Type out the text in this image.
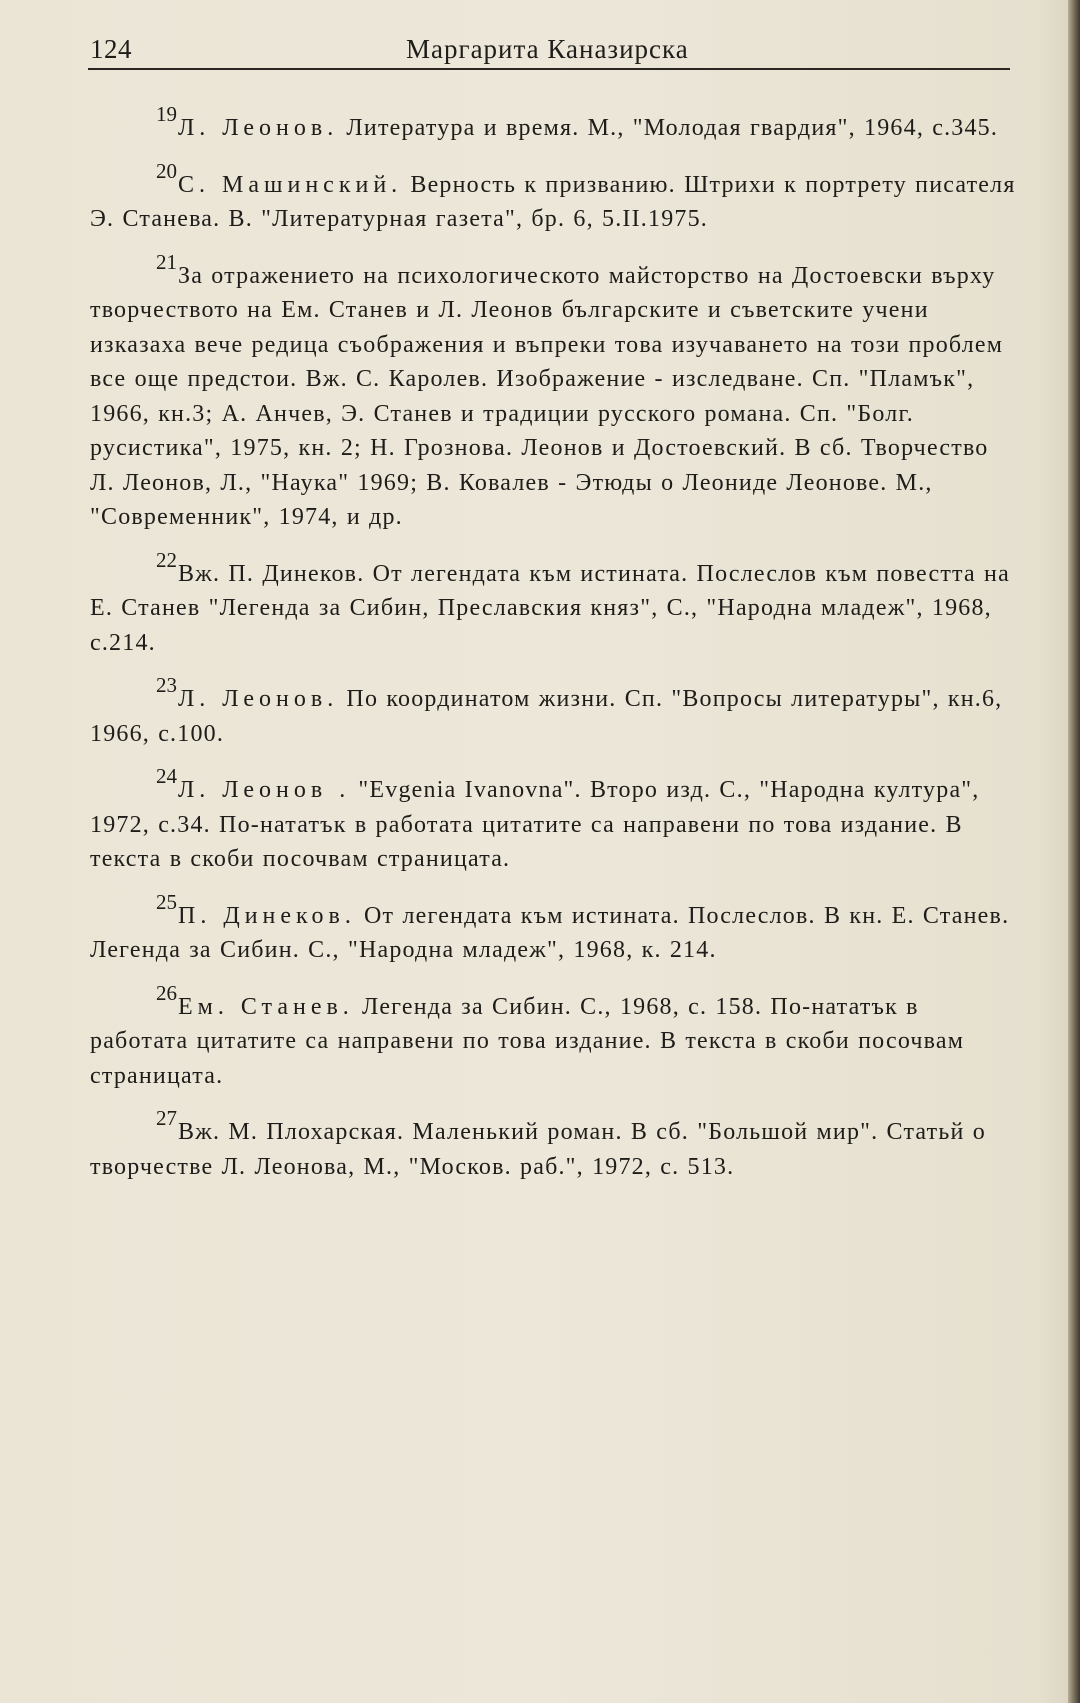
124	Маргарита Каназирска

19Л. Леонов. Литература и время. М., "Молодая гвардия", 1964, с.345.

20С. Машинский. Верность к призванию. Штрихи к портрету писателя Э. Станева. В. "Литературная газета", бр. 6, 5.II.1975.

21За отражението на психологическото майсторство на Достоевски върху творчеството на Ем. Станев и Л. Леонов българските и съветските учени изказаха вече редица съображения и въпреки това изучаването на този проблем все още предстои. Вж. С. Каролев. Изображение - изследване. Сп. "Пламък", 1966, кн.3; А. Анчев, Э. Станев и традиции русского романа. Сп. "Болг. русистика", 1975, кн. 2; Н. Грознова. Леонов и Достоевский. В сб. Творчество Л. Леонов, Л., "Наука" 1969; В. Ковалев - Этюды о Леониде Леонове. М., "Современник", 1974, и др.

22Вж. П. Динеков. От легендата към истината. Послеслов към повестта на Е. Станев "Легенда за Сибин, Преславския княз", С., "Народна младеж", 1968, с.214.

23Л. Леонов. По координатом жизни. Сп. "Вопросы литературы", кн.6, 1966, с.100.

24Л. Леонов . "Evgenia Ivanovna". Второ изд. С., "Народна култура", 1972, с.34. По-нататък в работата цитатите са направени по това издание. В текста в скоби посочвам страницата.

25П. Динеков. От легендата към истината. Послеслов. В кн. Е. Станев. Легенда за Сибин. С., "Народна младеж", 1968, к. 214.

26Ем. Станев. Легенда за Сибин. С., 1968, с. 158. По-нататък в работата цитатите са направени по това издание. В текста в скоби посочвам страницата.

27Вж. М. Плохарская. Маленький роман. В сб. "Большой мир". Статьй о творчестве Л. Леонова, М., "Москов. раб.", 1972, с. 513.
